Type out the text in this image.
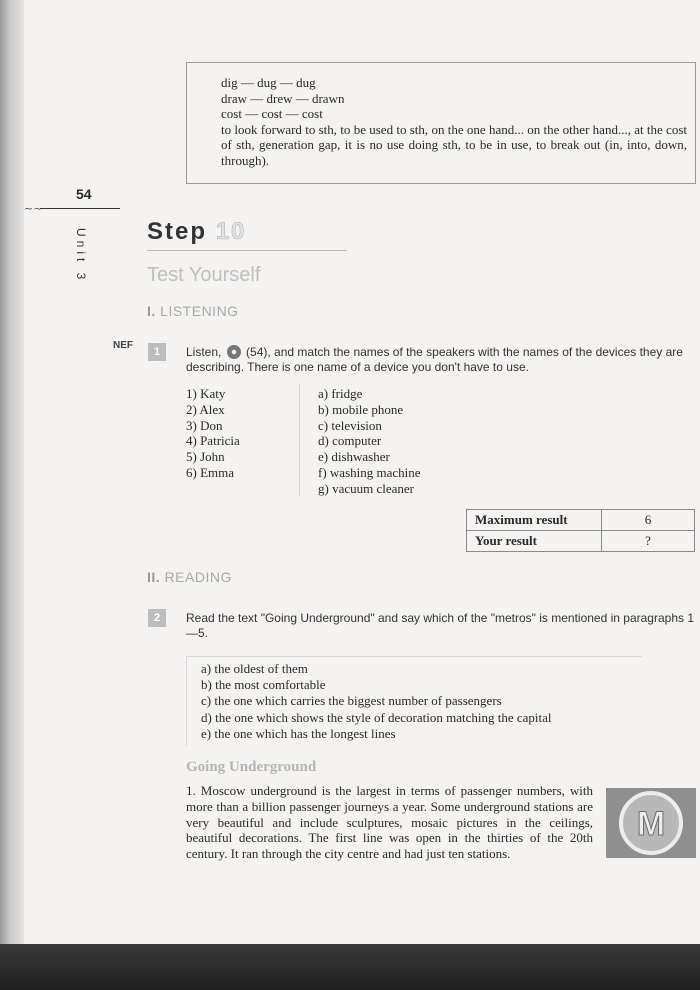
dig — dug — dug
draw — drew — drawn
cost — cost — cost
to look forward to sth, to be used to sth, on the one hand... on the other hand..., at the cost of sth, generation gap, it is no use doing sth, to be in use, to break out (in, into, down, through).
54
~~
Unit 3 Step 10
Test Yourself
I. LISTENING
NEF
1	Listen, (54), and match the names of the speakers with the names of the devices they are describing. There is one name of a device you don't have to use.
1) Katy
2) Alex
3) Don
4) Patricia
5) John
6) Emma
a) fridge
b) mobile phone
c) television
d) computer
e) dishwasher
f) washing machine
g) vacuum cleaner
Maximum result	6
Your result	?
II. READING
2	Read the text "Going Underground" and say which of the "metros" is mentioned in paragraphs 1—5.
a) the oldest of them
b) the most comfortable
c) the one which carries the biggest number of passengers
d) the one which shows the style of decoration matching the capital
e) the one which has the longest lines
Going Underground
1. Moscow underground is the largest in terms of passenger numbers, with more than a billion passenger journeys a year. Some underground stations are very beautiful and include sculptures, mosaic pictures in the ceilings, beautiful decorations. The first line was open in the thirties of the 20th century. It ran through the city centre and had just ten stations.
M
